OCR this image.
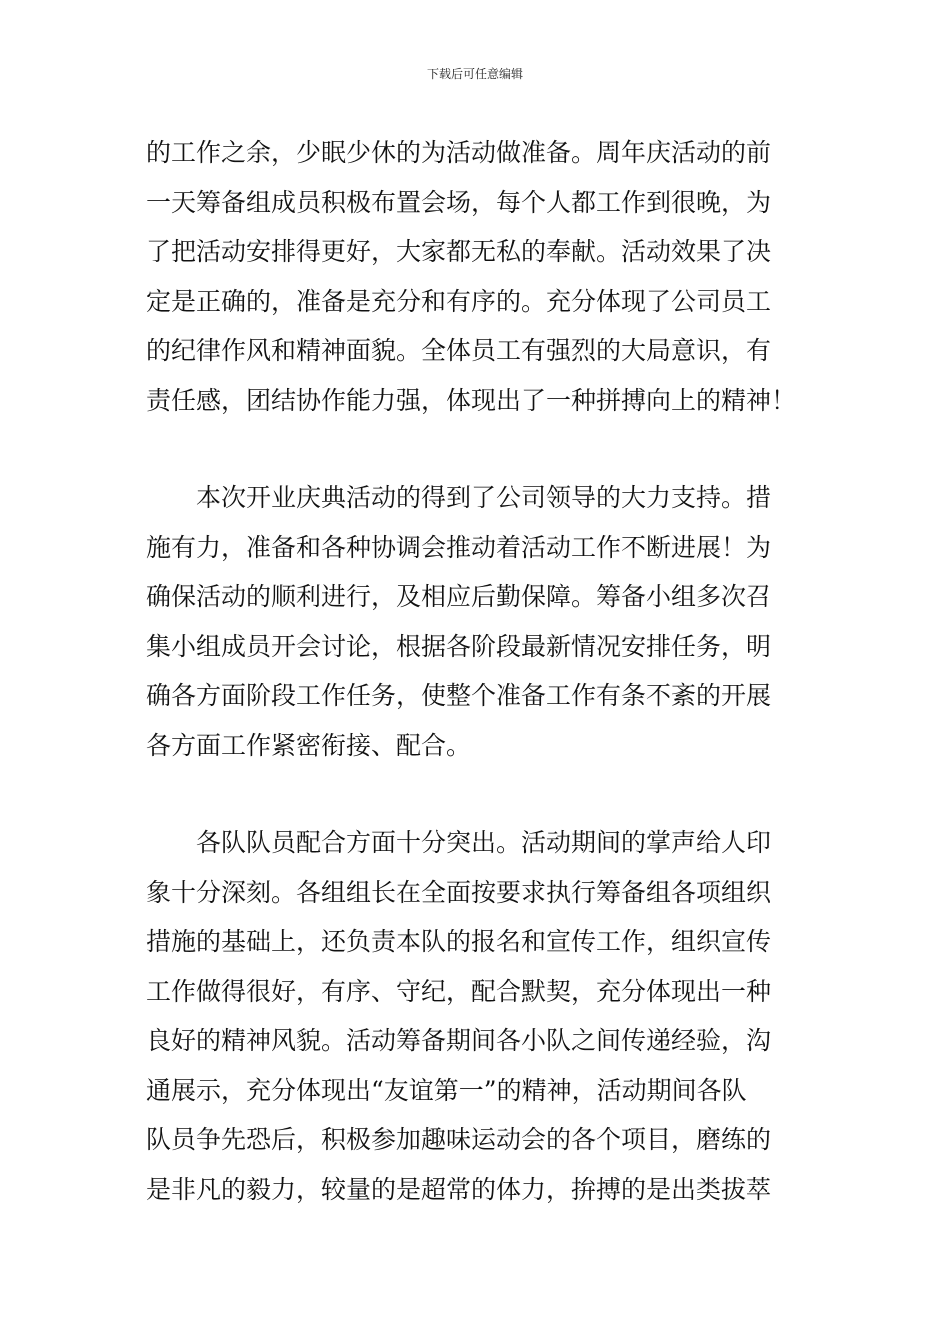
下载后可任意编辑
的工作之余，少眠少休的为活动做准备。周年庆活动的前
一天筹备组成员积极布置会场，每个人都工作到很晚，为
了把活动安排得更好，大家都无私的奉献。活动效果了决
定是正确的，准备是充分和有序的。充分体现了公司员工
的纪律作风和精神面貌。全体员工有强烈的大局意识，有
责任感，团结协作能力强，体现出了一种拼搏向上的精神！
本次开业庆典活动的得到了公司领导的大力支持。措
施有力，准备和各种协调会推动着活动工作不断进展！为
确保活动的顺利进行，及相应后勤保障。筹备小组多次召
集小组成员开会讨论，根据各阶段最新情况安排任务，明
确各方面阶段工作任务，使整个准备工作有条不紊的开展
各方面工作紧密衔接、配合。
各队队员配合方面十分突出。活动期间的掌声给人印
象十分深刻。各组组长在全面按要求执行筹备组各项组织
措施的基础上，还负责本队的报名和宣传工作，组织宣传
工作做得很好，有序、守纪，配合默契，充分体现出一种
良好的精神风貌。活动筹备期间各小队之间传递经验，沟
通展示，充分体现出“友谊第一”的精神，活动期间各队
队员争先恐后，积极参加趣味运动会的各个项目，磨练的
是非凡的毅力，较量的是超常的体力，拚搏的是出类拔萃
